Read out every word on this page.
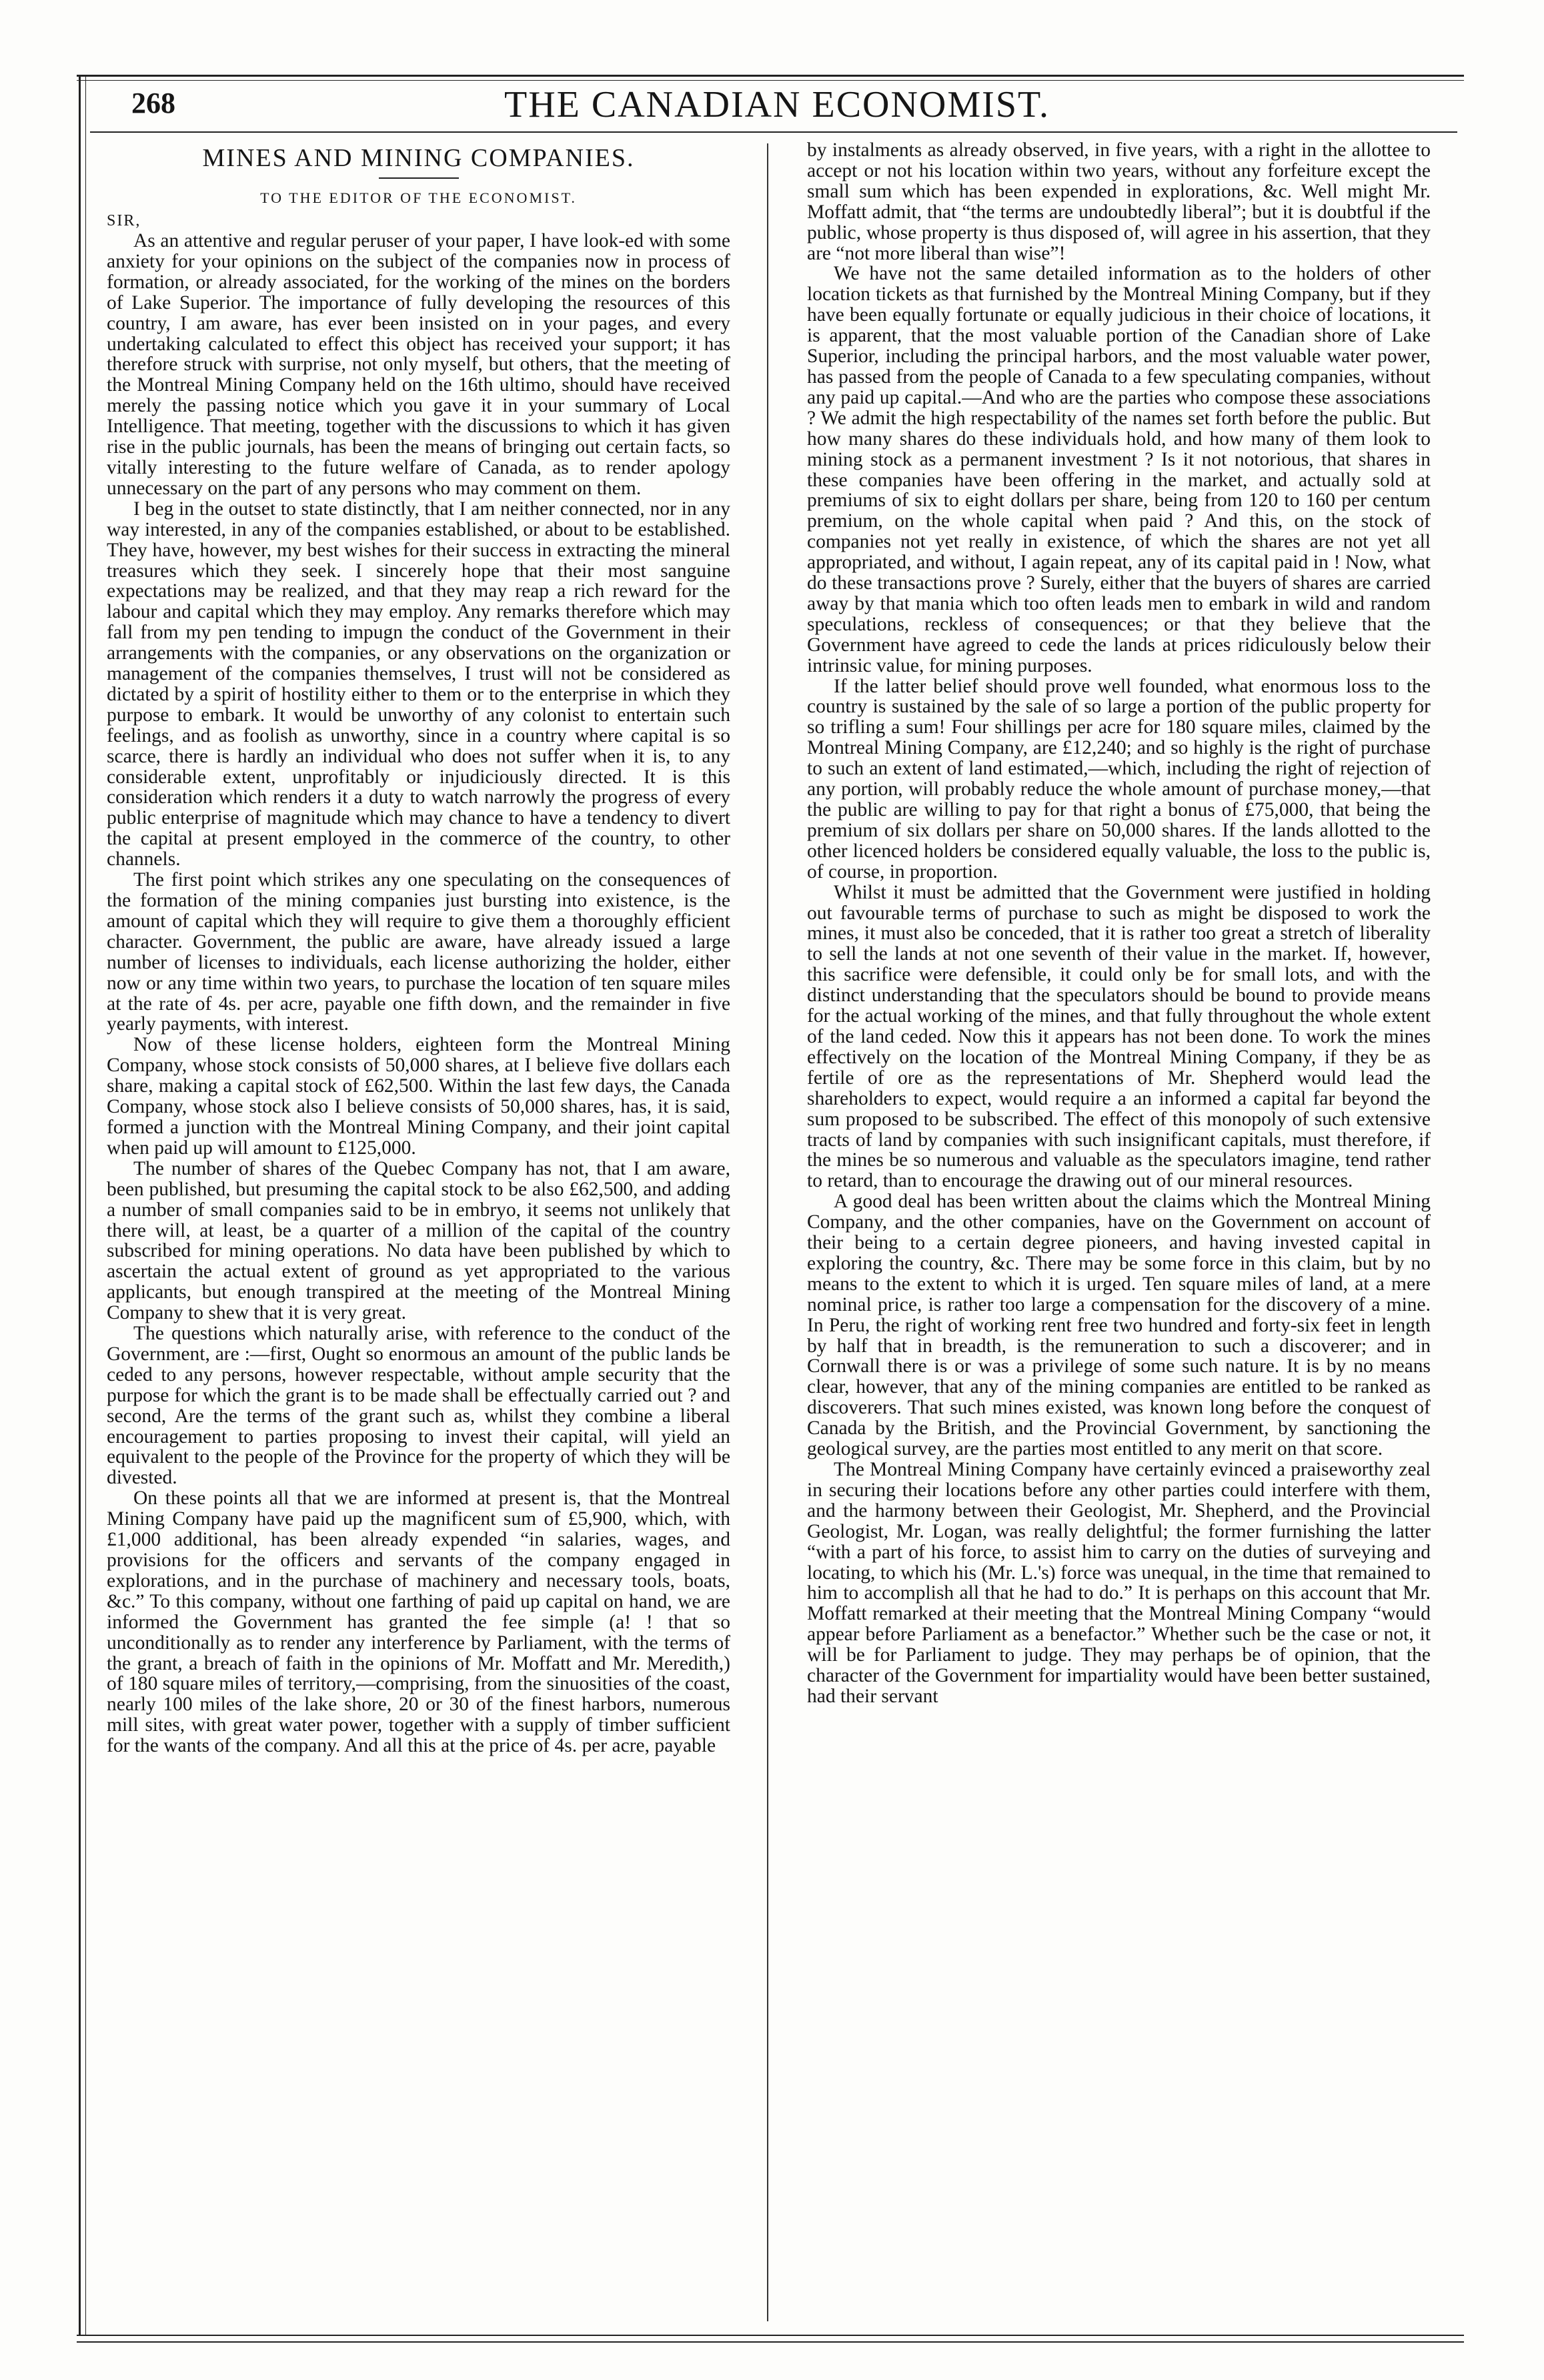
268	THE CANADIAN ECONOMIST.
MINES AND MINING COMPANIES.
TO THE EDITOR OF THE ECONOMIST.
SIR,

As an attentive and regular peruser of your paper, I have look-ed with some anxiety for your opinions on the subject of the companies now in process of formation, or already associated, for the working of the mines on the borders of Lake Superior. The importance of fully developing the resources of this country, I am aware, has ever been insisted on in your pages, and every undertaking calculated to effect this object has received your support; it has therefore struck with surprise, not only myself, but others, that the meeting of the Montreal Mining Company held on the 16th ultimo, should have received merely the passing notice which you gave it in your summary of Local Intelligence. That meeting, together with the discussions to which it has given rise in the public journals, has been the means of bringing out certain facts, so vitally interesting to the future welfare of Canada, as to render apology unnecessary on the part of any persons who may comment on them.

I beg in the outset to state distinctly, that I am neither connected, nor in any way interested, in any of the companies established, or about to be established. They have, however, my best wishes for their success in extracting the mineral treasures which they seek. I sincerely hope that their most sanguine expectations may be realized, and that they may reap a rich reward for the labour and capital which they may employ. Any remarks therefore which may fall from my pen tending to impugn the conduct of the Government in their arrangements with the companies, or any observations on the organization or management of the companies themselves, I trust will not be considered as dictated by a spirit of hostility either to them or to the enterprise in which they purpose to embark. It would be unworthy of any colonist to entertain such feelings, and as foolish as unworthy, since in a country where capital is so scarce, there is hardly an individual who does not suffer when it is, to any considerable extent, unprofitably or injudiciously directed. It is this consideration which renders it a duty to watch narrowly the progress of every public enterprise of magnitude which may chance to have a tendency to divert the capital at present employed in the commerce of the country, to other channels.

The first point which strikes any one speculating on the consequences of the formation of the mining companies just bursting into existence, is the amount of capital which they will require to give them a thoroughly efficient character. Government, the public are aware, have already issued a large number of licenses to individuals, each license authorizing the holder, either now or any time within two years, to purchase the location of ten square miles at the rate of 4s. per acre, payable one fifth down, and the remainder in five yearly payments, with interest.

Now of these license holders, eighteen form the Montreal Mining Company, whose stock consists of 50,000 shares, at I believe five dollars each share, making a capital stock of £62,500. Within the last few days, the Canada Company, whose stock also I believe consists of 50,000 shares, has, it is said, formed a junction with the Montreal Mining Company, and their joint capital when paid up will amount to £125,000.

The number of shares of the Quebec Company has not, that I am aware, been published, but presuming the capital stock to be also £62,500, and adding a number of small companies said to be in embryo, it seems not unlikely that there will, at least, be a quarter of a million of the capital of the country subscribed for mining operations. No data have been published by which to ascertain the actual extent of ground as yet appropriated to the various applicants, but enough transpired at the meeting of the Montreal Mining Company to shew that it is very great.

The questions which naturally arise, with reference to the conduct of the Government, are :—first, Ought so enormous an amount of the public lands be ceded to any persons, however respectable, without ample security that the purpose for which the grant is to be made shall be effectually carried out ? and second, Are the terms of the grant such as, whilst they combine a liberal encouragement to parties proposing to invest their capital, will yield an equivalent to the people of the Province for the property of which they will be divested.

On these points all that we are informed at present is, that the Montreal Mining Company have paid up the magnificent sum of £5,900, which, with £1,000 additional, has been already expended “in salaries, wages, and provisions for the officers and servants of the company engaged in explorations, and in the purchase of machinery and necessary tools, boats, &c.” To this company, without one farthing of paid up capital on hand, we are informed the Government has granted the fee simple (a! ! that so unconditionally as to render any interference by Parliament, with the terms of the grant, a breach of faith in the opinions of Mr. Moffatt and Mr. Meredith,) of 180 square miles of territory,—comprising, from the sinuosities of the coast, nearly 100 miles of the lake shore, 20 or 30 of the finest harbors, numerous mill sites, with great water power, together with a supply of timber sufficient for the wants of the company. And all this at the price of 4s. per acre, payable

by instalments as already observed, in five years, with a right in the allottee to accept or not his location within two years, without any forfeiture except the small sum which has been expended in explorations, &c. Well might Mr. Moffatt admit, that “the terms are undoubtedly liberal”; but it is doubtful if the public, whose property is thus disposed of, will agree in his assertion, that they are “not more liberal than wise”!

We have not the same detailed information as to the holders of other location tickets as that furnished by the Montreal Mining Company, but if they have been equally fortunate or equally judicious in their choice of locations, it is apparent, that the most valuable portion of the Canadian shore of Lake Superior, including the principal harbors, and the most valuable water power, has passed from the people of Canada to a few speculating companies, without any paid up capital.—And who are the parties who compose these associations ? We admit the high respectability of the names set forth before the public. But how many shares do these individuals hold, and how many of them look to mining stock as a permanent investment ? Is it not notorious, that shares in these companies have been offering in the market, and actually sold at premiums of six to eight dollars per share, being from 120 to 160 per centum premium, on the whole capital when paid ? And this, on the stock of companies not yet really in existence, of which the shares are not yet all appropriated, and without, I again repeat, any of its capital paid in ! Now, what do these transactions prove ? Surely, either that the buyers of shares are carried away by that mania which too often leads men to embark in wild and random speculations, reckless of consequences; or that they believe that the Government have agreed to cede the lands at prices ridiculously below their intrinsic value, for mining purposes.

If the latter belief should prove well founded, what enormous loss to the country is sustained by the sale of so large a portion of the public property for so trifling a sum! Four shillings per acre for 180 square miles, claimed by the Montreal Mining Company, are £12,240; and so highly is the right of purchase to such an extent of land estimated,—which, including the right of rejection of any portion, will probably reduce the whole amount of purchase money,—that the public are willing to pay for that right a bonus of £75,000, that being the premium of six dollars per share on 50,000 shares. If the lands allotted to the other licenced holders be considered equally valuable, the loss to the public is, of course, in proportion.

Whilst it must be admitted that the Government were justified in holding out favourable terms of purchase to such as might be disposed to work the mines, it must also be conceded, that it is rather too great a stretch of liberality to sell the lands at not one seventh of their value in the market. If, however, this sacrifice were defensible, it could only be for small lots, and with the distinct understanding that the speculators should be bound to provide means for the actual working of the mines, and that fully throughout the whole extent of the land ceded. Now this it appears has not been done. To work the mines effectively on the location of the Montreal Mining Company, if they be as fertile of ore as the representations of Mr. Shepherd would lead the shareholders to expect, would require a an informed a capital far beyond the sum proposed to be subscribed. The effect of this monopoly of such extensive tracts of land by companies with such insignificant capitals, must therefore, if the mines be so numerous and valuable as the speculators imagine, tend rather to retard, than to encourage the drawing out of our mineral resources.

A good deal has been written about the claims which the Montreal Mining Company, and the other companies, have on the Government on account of their being to a certain degree pioneers, and having invested capital in exploring the country, &c. There may be some force in this claim, but by no means to the extent to which it is urged. Ten square miles of land, at a mere nominal price, is rather too large a compensation for the discovery of a mine. In Peru, the right of working rent free two hundred and forty-six feet in length by half that in breadth, is the remuneration to such a discoverer; and in Cornwall there is or was a privilege of some such nature. It is by no means clear, however, that any of the mining companies are entitled to be ranked as discoverers. That such mines existed, was known long before the conquest of Canada by the British, and the Provincial Government, by sanctioning the geological survey, are the parties most entitled to any merit on that score.

The Montreal Mining Company have certainly evinced a praiseworthy zeal in securing their locations before any other parties could interfere with them, and the harmony between their Geologist, Mr. Shepherd, and the Provincial Geologist, Mr. Logan, was really delightful; the former furnishing the latter “with a part of his force, to assist him to carry on the duties of surveying and locating, to which his (Mr. L.'s) force was unequal, in the time that remained to him to accomplish all that he had to do.” It is perhaps on this account that Mr. Moffatt remarked at their meeting that the Montreal Mining Company “would appear before Parliament as a benefactor.” Whether such be the case or not, it will be for Parliament to judge. They may perhaps be of opinion, that the character of the Government for impartiality would have been better sustained, had their servant
